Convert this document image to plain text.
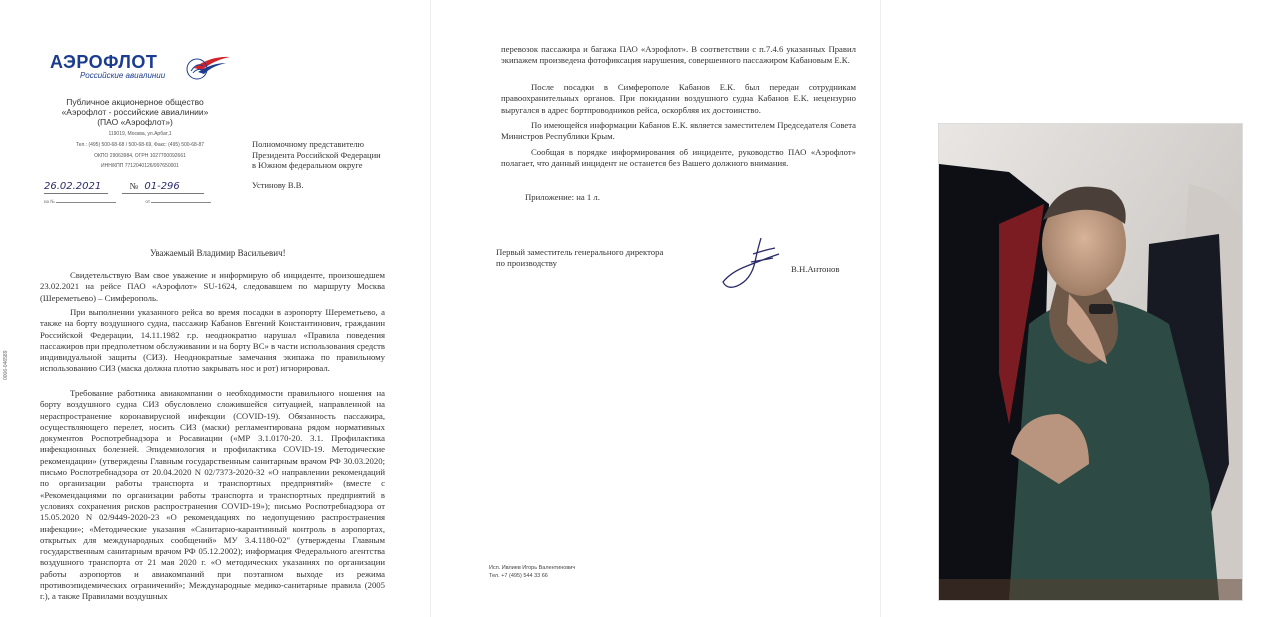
АЭРОФЛОТ
Российские авиалинии
Публичное акционерное общество
«Аэрофлот - российские авиалинии»
(ПАО «Аэрофлот»)
119019, Москва, ул.Арбат,1
Тел.: (495) 500-68-68 / 500-68-69, Факс: (495) 500-68-87
ОКПО 29063984, ОГРН 1027700092661
ИНН/КПП 7712040126/997650001
26.02.2021	№ 01-296
на №	от
0006-046589
Полномочному представителю
Президента Российской Федерации
в Южном федеральном округе
Устинову В.В.
Уважаемый Владимир Васильевич!
Свидетельствую Вам свое уважение и информирую об инциденте, произошедшем 23.02.2021 на рейсе ПАО «Аэрофлот» SU-1624, следовавшем по маршруту Москва (Шереметьево) – Симферополь.
При выполнении указанного рейса во время посадки в аэропорту Шереметьево, а также на борту воздушного судна, пассажир Кабанов Евгений Константинович, гражданин Российской Федерации, 14.11.1982 г.р. неоднократно нарушал «Правила поведения пассажиров при предполетном обслуживании и на борту ВС» в части использования средств индивидуальной защиты (СИЗ). Неоднократные замечания экипажа по правильному использованию СИЗ (маска должна плотно закрывать нос и рот) игнорировал.
Требование работника авиакомпании о необходимости правильного ношения на борту воздушного судна СИЗ обусловлено сложившейся ситуацией, направленной на нераспространение коронавирусной инфекции (COVID-19). Обязанность пассажира, осуществляющего перелет, носить СИЗ (маски) регламентирована рядом нормативных документов Роспотребнадзора и Росавиации («МР 3.1.0170-20. 3.1. Профилактика инфекционных болезней. Эпидемиология и профилактика COVID-19. Методические рекомендации» (утверждены Главным государственным санитарным врачом РФ 30.03.2020; письмо Роспотребнадзора от 20.04.2020 N 02/7373-2020-32 «О направлении рекомендаций по организации работы транспорта и транспортных предприятий» (вместе с «Рекомендациями по организации работы транспорта и транспортных предприятий в условиях сохранения рисков распространения COVID-19»); письмо Роспотребнадзора от 15.05.2020 N 02/9449-2020-23 «О рекомендациях по недопущению распространения инфекции»; «Методические указания «Санитарно-карантинный контроль в аэропортах, открытых для международных сообщений» МУ 3.4.1180-02" (утверждены Главным государственным санитарным врачом РФ 05.12.2002); информация Федерального агентства воздушного транспорта от 21 мая 2020 г. «О методических указаниях по организации работы аэропортов и авиакомпаний при поэтапном выходе из режима противоэпидемических ограничений»; Международные медико-санитарные правила (2005 г.), а также Правилами воздушных
перевозок пассажира и багажа ПАО «Аэрофлот». В соответствии с п.7.4.6 указанных Правил экипажем произведена фотофиксация нарушения, совершенного пассажиром Кабановым Е.К.
После посадки в Симферополе Кабанов Е.К. был передан сотрудникам правоохранительных органов. При покидании воздушного судна Кабанов Е.К. нецензурно выругался в адрес бортпроводников рейса, оскорбляя их достоинство.
По имеющейся информации Кабанов Е.К. является заместителем Председателя Совета Министров Республики Крым.
Сообщая в порядке информирования об инциденте, руководство ПАО «Аэрофлот» полагает, что данный инцидент не останется без Вашего должного внимания.
Приложение: на 1 л.
Первый заместитель генерального директора
по производству
В.Н.Антонов
Исп. Ивлиев Игорь Валентинович
Тел. +7 (495) 544 33 66
